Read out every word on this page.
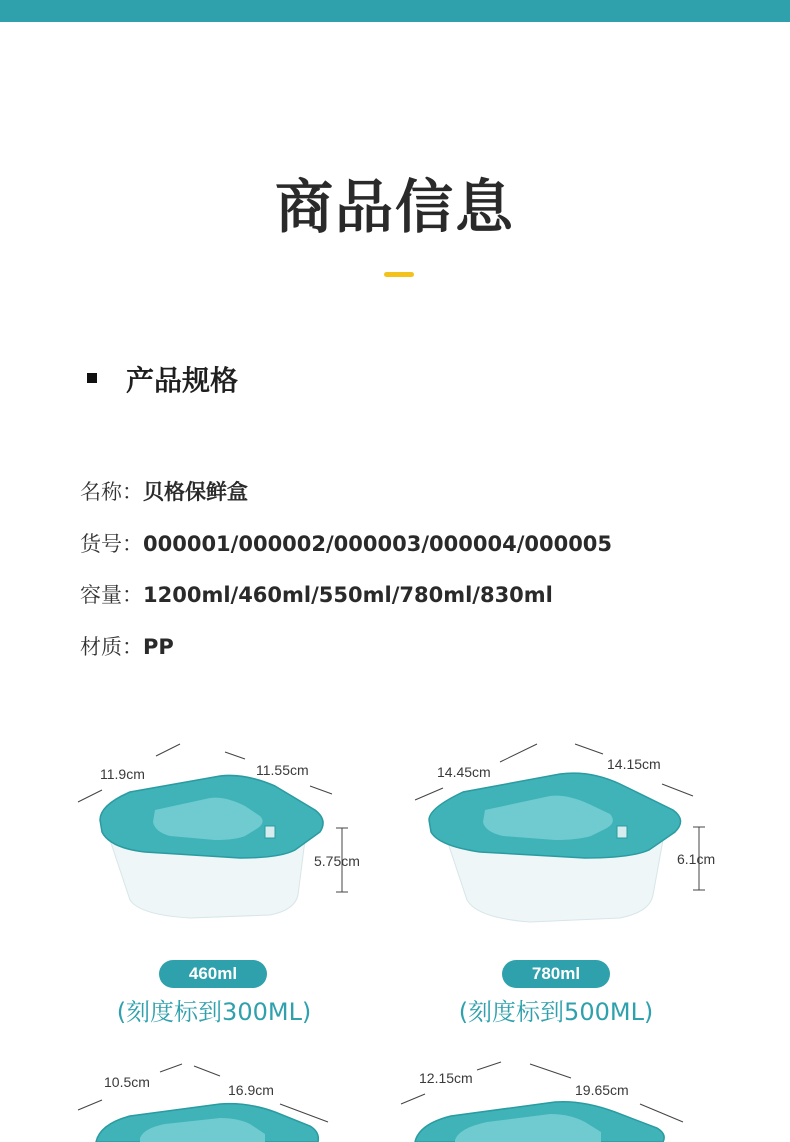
商品信息
产品规格
名称：贝格保鲜盒
货号：000001/000002/000003/000004/000005
容量：1200ml/460ml/550ml/780ml/830ml
材质：PP
11.9cm	11.55cm
5.75cm
460ml
(刻度标到300ML)
14.45cm	14.15cm
6.1cm
780ml
(刻度标到500ML)
10.5cm	16.9cm
12.15cm
19.65cm
